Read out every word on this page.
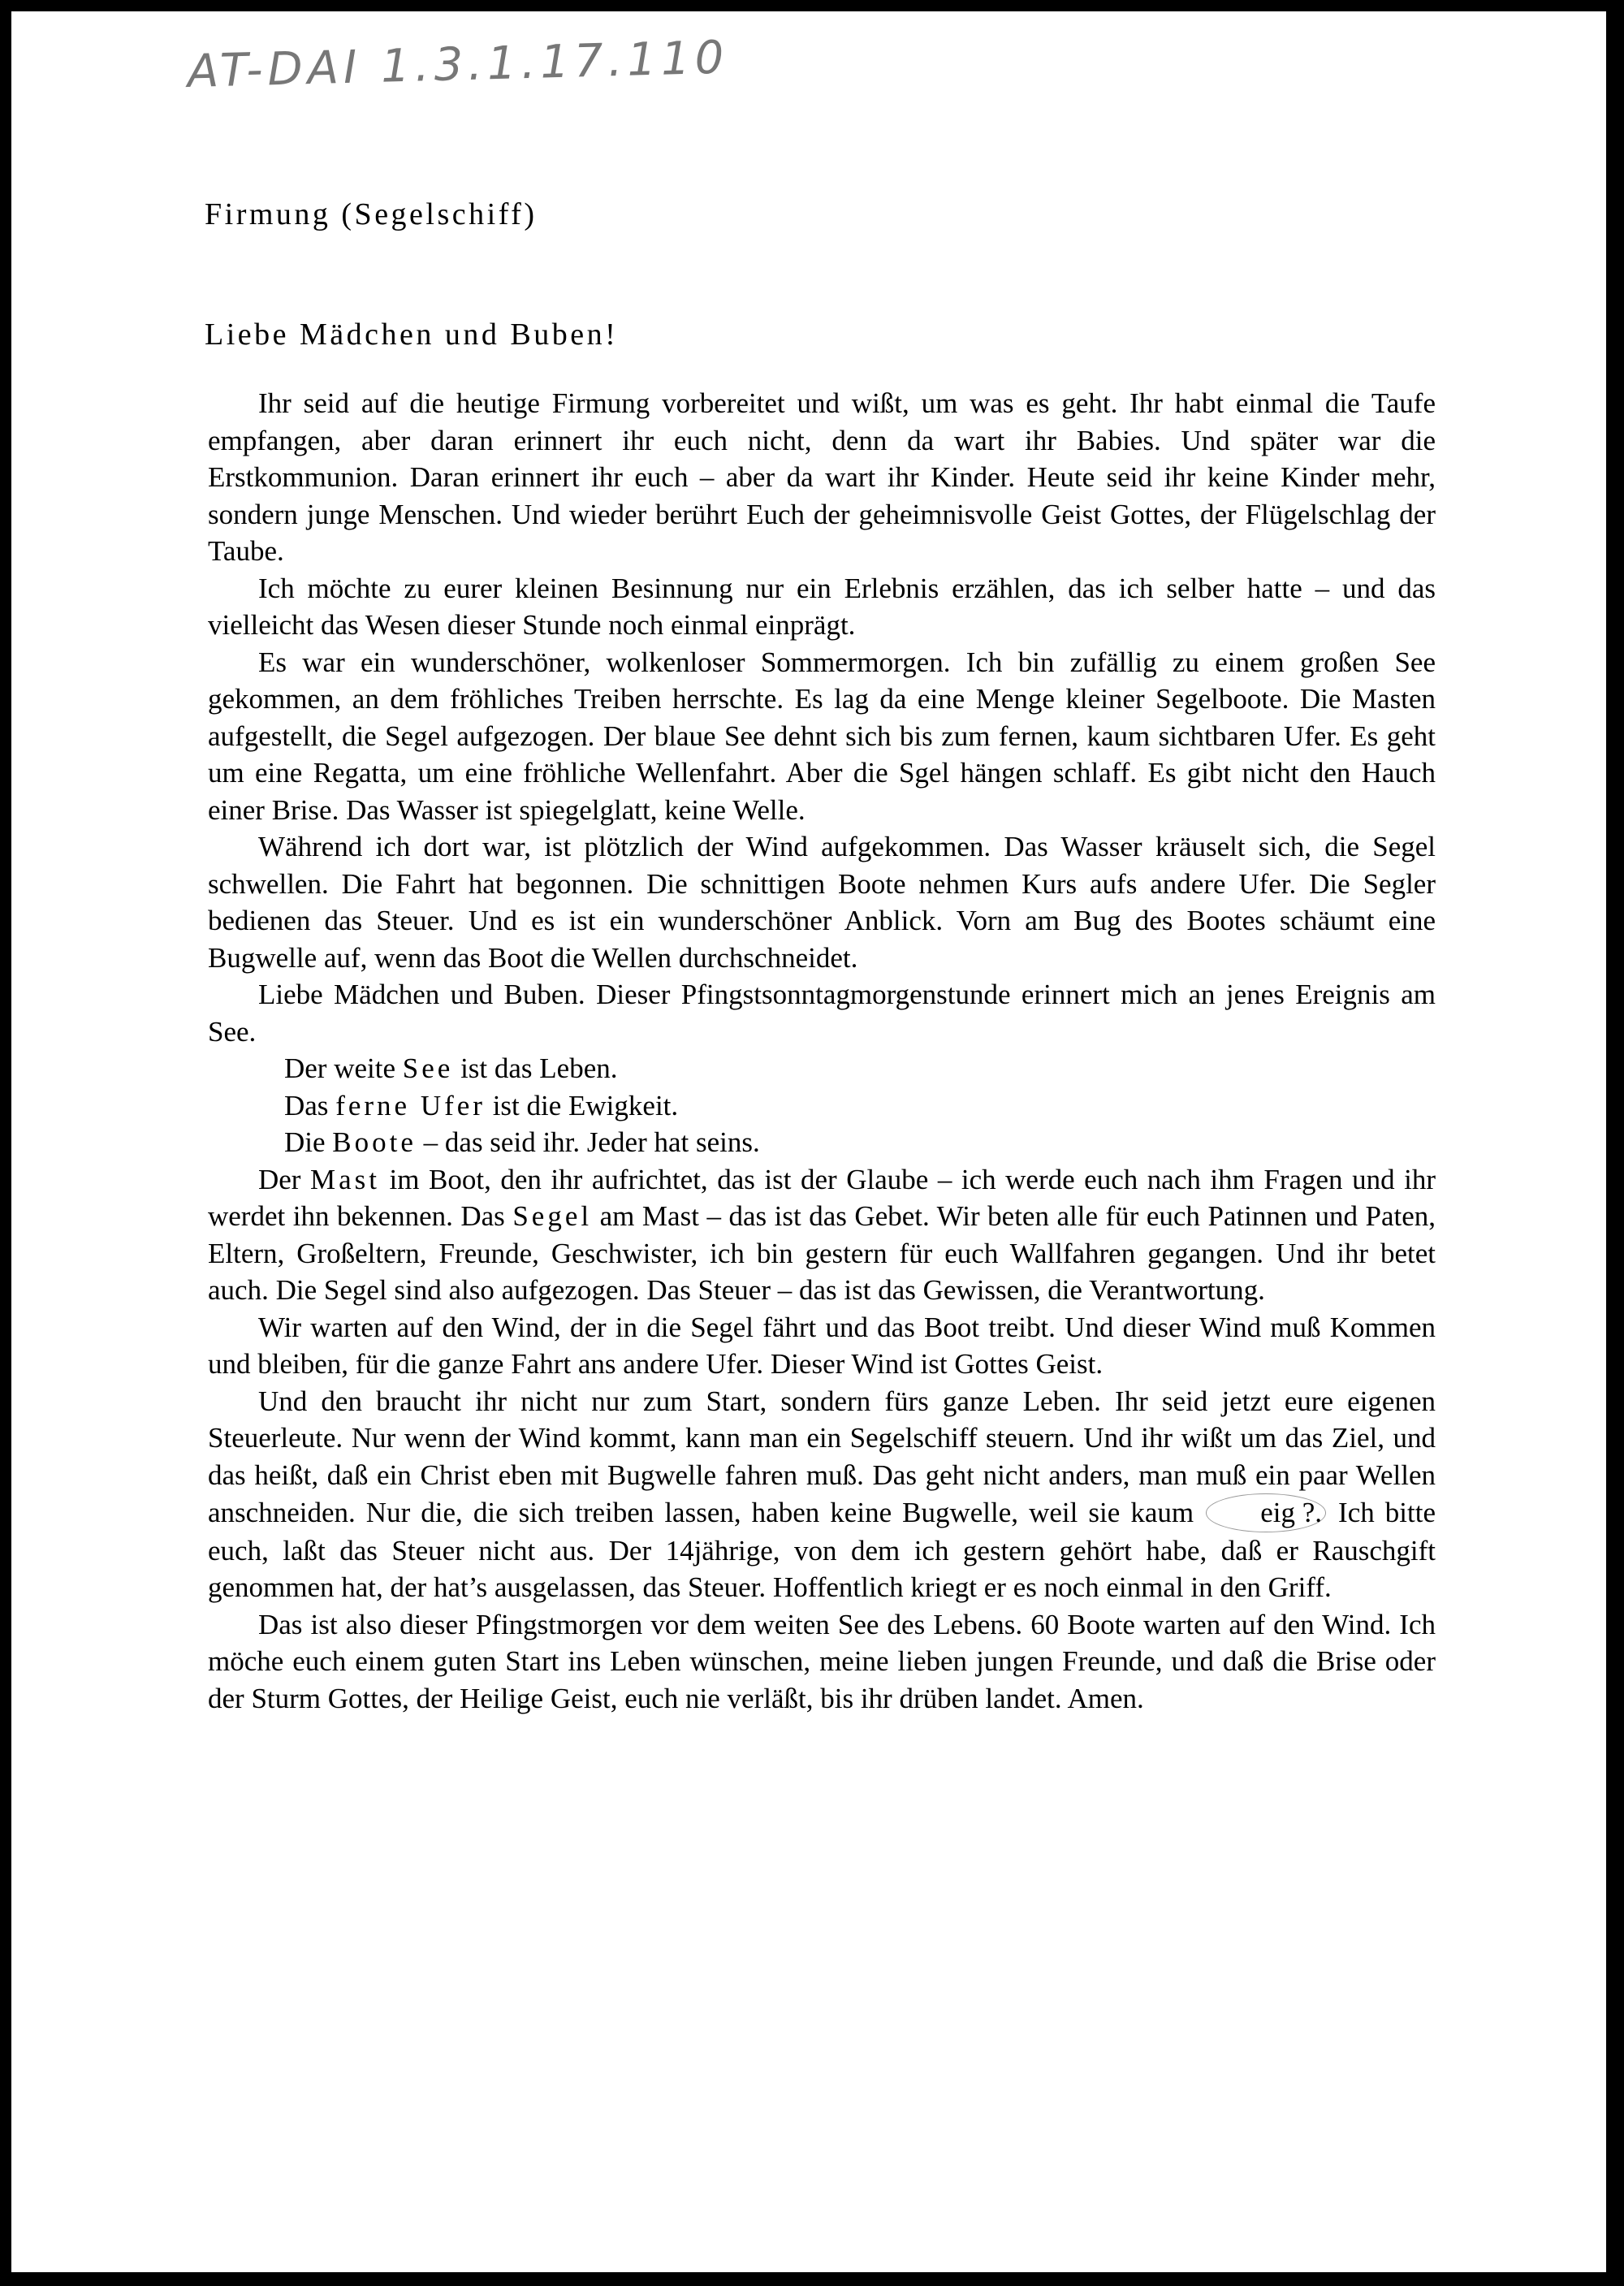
AT-DAI 1.3.1.17.110
Firmung (Segelschiff)

Liebe Mädchen und Buben!

Ihr seid auf die heutige Firmung vorbereitet und wißt, um was es geht. Ihr habt einmal die Taufe empfangen, aber daran erinnert ihr euch nicht, denn da wart ihr Babies. Und später war die Erstkommunion. Daran erinnert ihr euch – aber da wart ihr Kinder. Heute seid ihr keine Kinder mehr, sondern junge Menschen. Und wieder berührt Euch der geheimnisvolle Geist Gottes, der Flügelschlag der Taube.

Ich möchte zu eurer kleinen Besinnung nur ein Erlebnis erzählen, das ich selber hatte – und das vielleicht das Wesen dieser Stunde noch einmal einprägt.

Es war ein wunderschöner, wolkenloser Sommermorgen. Ich bin zufällig zu einem großen See gekommen, an dem fröhliches Treiben herrschte. Es lag da eine Menge kleiner Segelboote. Die Masten aufgestellt, die Segel aufgezogen. Der blaue See dehnt sich bis zum fernen, kaum sichtbaren Ufer. Es geht um eine Regatta, um eine fröhliche Wellenfahrt. Aber die Sgel hängen schlaff. Es gibt nicht den Hauch einer Brise. Das Wasser ist spiegelglatt, keine Welle.

Während ich dort war, ist plötzlich der Wind aufgekommen. Das Wasser kräuselt sich, die Segel schwellen. Die Fahrt hat begonnen. Die schnittigen Boote nehmen Kurs aufs andere Ufer. Die Segler bedienen das Steuer. Und es ist ein wunderschöner Anblick. Vorn am Bug des Bootes schäumt eine Bugwelle auf, wenn das Boot die Wellen durchschneidet.

Liebe Mädchen und Buben. Dieser Pfingstsonntagmorgenstunde erinnert mich an jenes Ereignis am See.

Der weite See ist das Leben.
Das ferne Ufer ist die Ewigkeit.
Die Boote – das seid ihr. Jeder hat seins.

Der Mast im Boot, den ihr aufrichtet, das ist der Glaube – ich werde euch nach ihm Fragen und ihr werdet ihn bekennen. Das Segel am Mast – das ist das Gebet. Wir beten alle für euch Patinnen und Paten, Eltern, Großeltern, Freunde, Geschwister, ich bin gestern für euch Wallfahren gegangen. Und ihr betet auch. Die Segel sind also aufgezogen. Das Steuer – das ist das Gewissen, die Verantwortung.

Wir warten auf den Wind, der in die Segel fährt und das Boot treibt. Und dieser Wind muß Kommen und bleiben, für die ganze Fahrt ans andere Ufer. Dieser Wind ist Gottes Geist.

Und den braucht ihr nicht nur zum Start, sondern fürs ganze Leben. Ihr seid jetzt eure eigenen Steuerleute. Nur wenn der Wind kommt, kann man ein Segelschiff steuern. Und ihr wißt um das Ziel, und das heißt, daß ein Christ eben mit Bugwelle fahren muß. Das geht nicht anders, man muß ein paar Wellen anschneiden. Nur die, die sich treiben lassen, haben keine Bugwelle, weil sie kaum eig ?. Ich bitte euch, laßt das Steuer nicht aus. Der 14jährige, von dem ich gestern gehört habe, daß er Rauschgift genommen hat, der hat’s ausgelassen, das Steuer. Hoffentlich kriegt er es noch einmal in den Griff.

Das ist also dieser Pfingstmorgen vor dem weiten See des Lebens. 60 Boote warten auf den Wind. Ich möche euch einem guten Start ins Leben wünschen, meine lieben jungen Freunde, und daß die Brise oder der Sturm Gottes, der Heilige Geist, euch nie verläßt, bis ihr drüben landet. Amen.
